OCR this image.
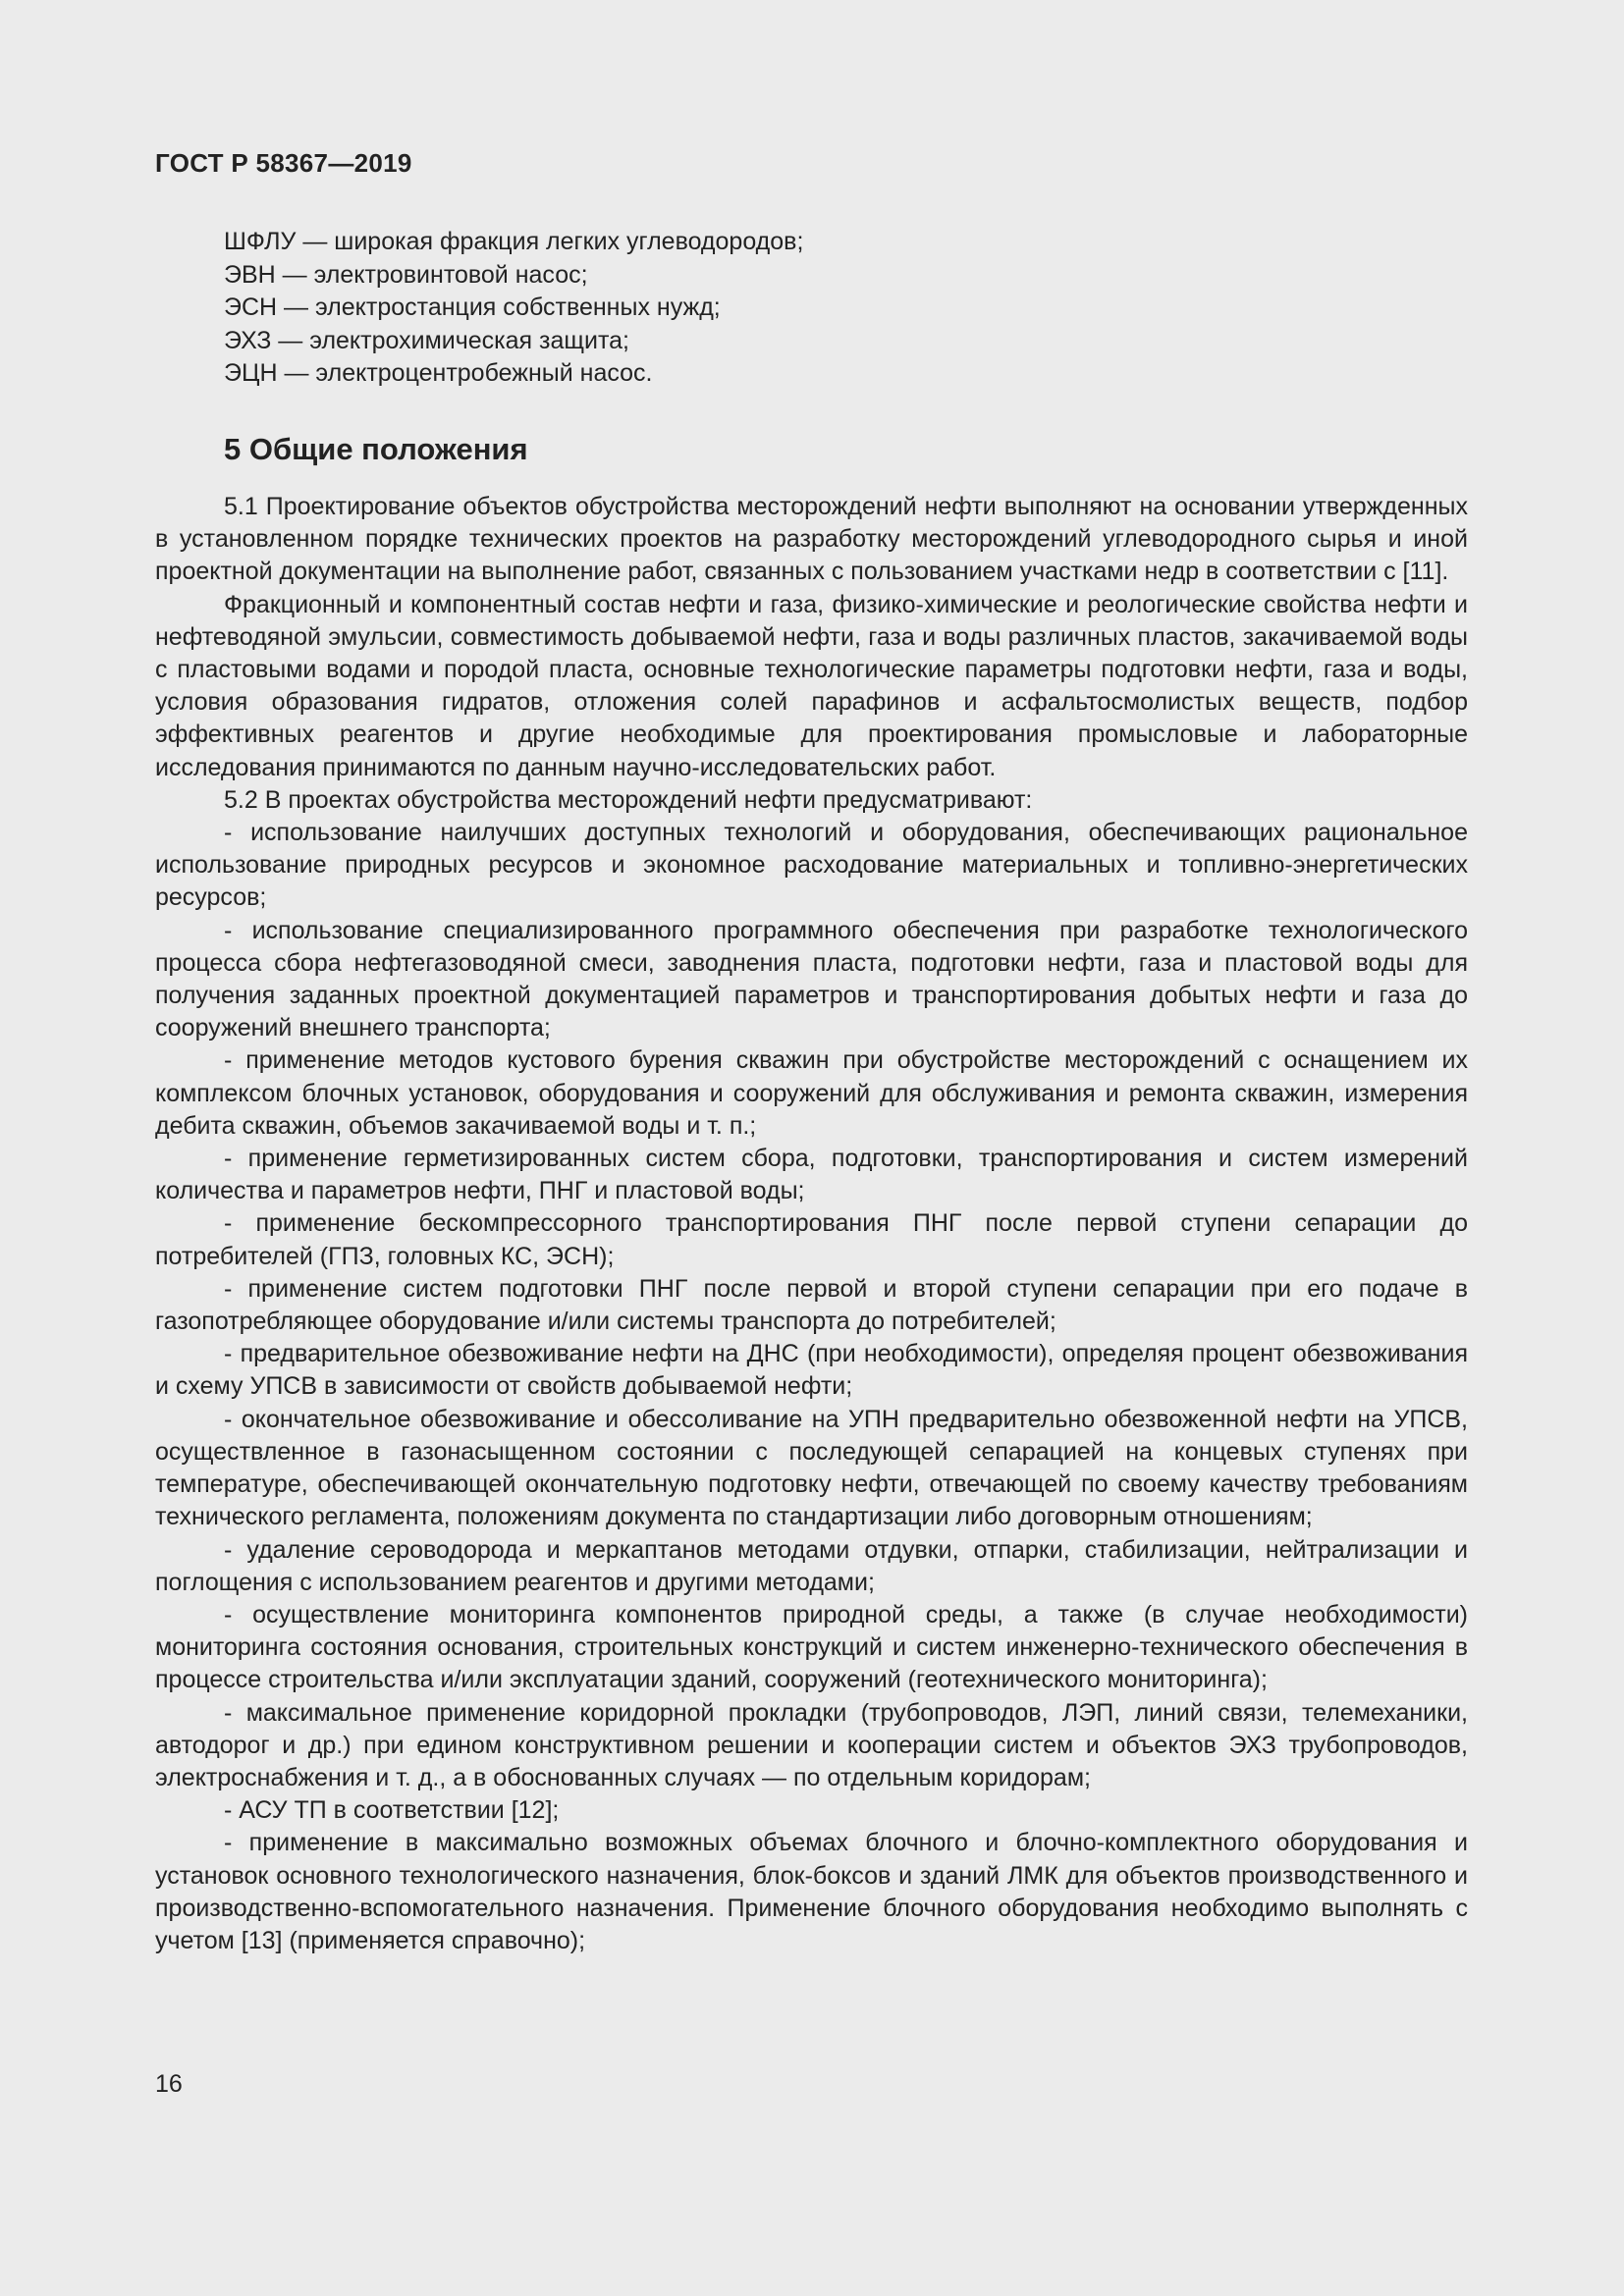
ГОСТ Р 58367—2019
ШФЛУ — широкая фракция легких углеводородов;
ЭВН — электровинтовой насос;
ЭСН — электростанция собственных нужд;
ЭХЗ — электрохимическая защита;
ЭЦН — электроцентробежный насос.
5 Общие положения

5.1 Проектирование объектов обустройства месторождений нефти выполняют на основании утвержденных в установленном порядке технических проектов на разработку месторождений углеводородного сырья и иной проектной документации на выполнение работ, связанных с пользованием участками недр в соответствии с [11].

Фракционный и компонентный состав нефти и газа, физико-химические и реологические свойства нефти и нефтеводяной эмульсии, совместимость добываемой нефти, газа и воды различных пластов, закачиваемой воды с пластовыми водами и породой пласта, основные технологические параметры подготовки нефти, газа и воды, условия образования гидратов, отложения солей парафинов и асфальтосмолистых веществ, подбор эффективных реагентов и другие необходимые для проектирования промысловые и лабораторные исследования принимаются по данным научно-исследовательских работ.

5.2 В проектах обустройства месторождений нефти предусматривают:

- использование наилучших доступных технологий и оборудования, обеспечивающих рациональное использование природных ресурсов и экономное расходование материальных и топливно-энергетических ресурсов;

- использование специализированного программного обеспечения при разработке технологического процесса сбора нефтегазоводяной смеси, заводнения пласта, подготовки нефти, газа и пластовой воды для получения заданных проектной документацией параметров и транспортирования добытых нефти и газа до сооружений внешнего транспорта;

- применение методов кустового бурения скважин при обустройстве месторождений с оснащением их комплексом блочных установок, оборудования и сооружений для обслуживания и ремонта скважин, измерения дебита скважин, объемов закачиваемой воды и т. п.;

- применение герметизированных систем сбора, подготовки, транспортирования и систем измерений количества и параметров нефти, ПНГ и пластовой воды;

- применение бескомпрессорного транспортирования ПНГ после первой ступени сепарации до потребителей (ГПЗ, головных КС, ЭСН);

- применение систем подготовки ПНГ после первой и второй ступени сепарации при его подаче в газопотребляющее оборудование и/или системы транспорта до потребителей;

- предварительное обезвоживание нефти на ДНС (при необходимости), определяя процент обезвоживания и схему УПСВ в зависимости от свойств добываемой нефти;

- окончательное обезвоживание и обессоливание на УПН предварительно обезвоженной нефти на УПСВ, осуществленное в газонасыщенном состоянии с последующей сепарацией на концевых ступенях при температуре, обеспечивающей окончательную подготовку нефти, отвечающей по своему качеству требованиям технического регламента, положениям документа по стандартизации либо договорным отношениям;

- удаление сероводорода и меркаптанов методами отдувки, отпарки, стабилизации, нейтрализации и поглощения с использованием реагентов и другими методами;

- осуществление мониторинга компонентов природной среды, а также (в случае необходимости) мониторинга состояния основания, строительных конструкций и систем инженерно-технического обеспечения в процессе строительства и/или эксплуатации зданий, сооружений (геотехнического мониторинга);

- максимальное применение коридорной прокладки (трубопроводов, ЛЭП, линий связи, телемеханики, автодорог и др.) при едином конструктивном решении и кооперации систем и объектов ЭХЗ трубопроводов, электроснабжения и т. д., а в обоснованных случаях — по отдельным коридорам;

- АСУ ТП в соответствии [12];

- применение в максимально возможных объемах блочного и блочно-комплектного оборудования и установок основного технологического назначения, блок-боксов и зданий ЛМК для объектов производственного и производственно-вспомогательного назначения. Применение блочного оборудования необходимо выполнять с учетом [13] (применяется справочно);

16
